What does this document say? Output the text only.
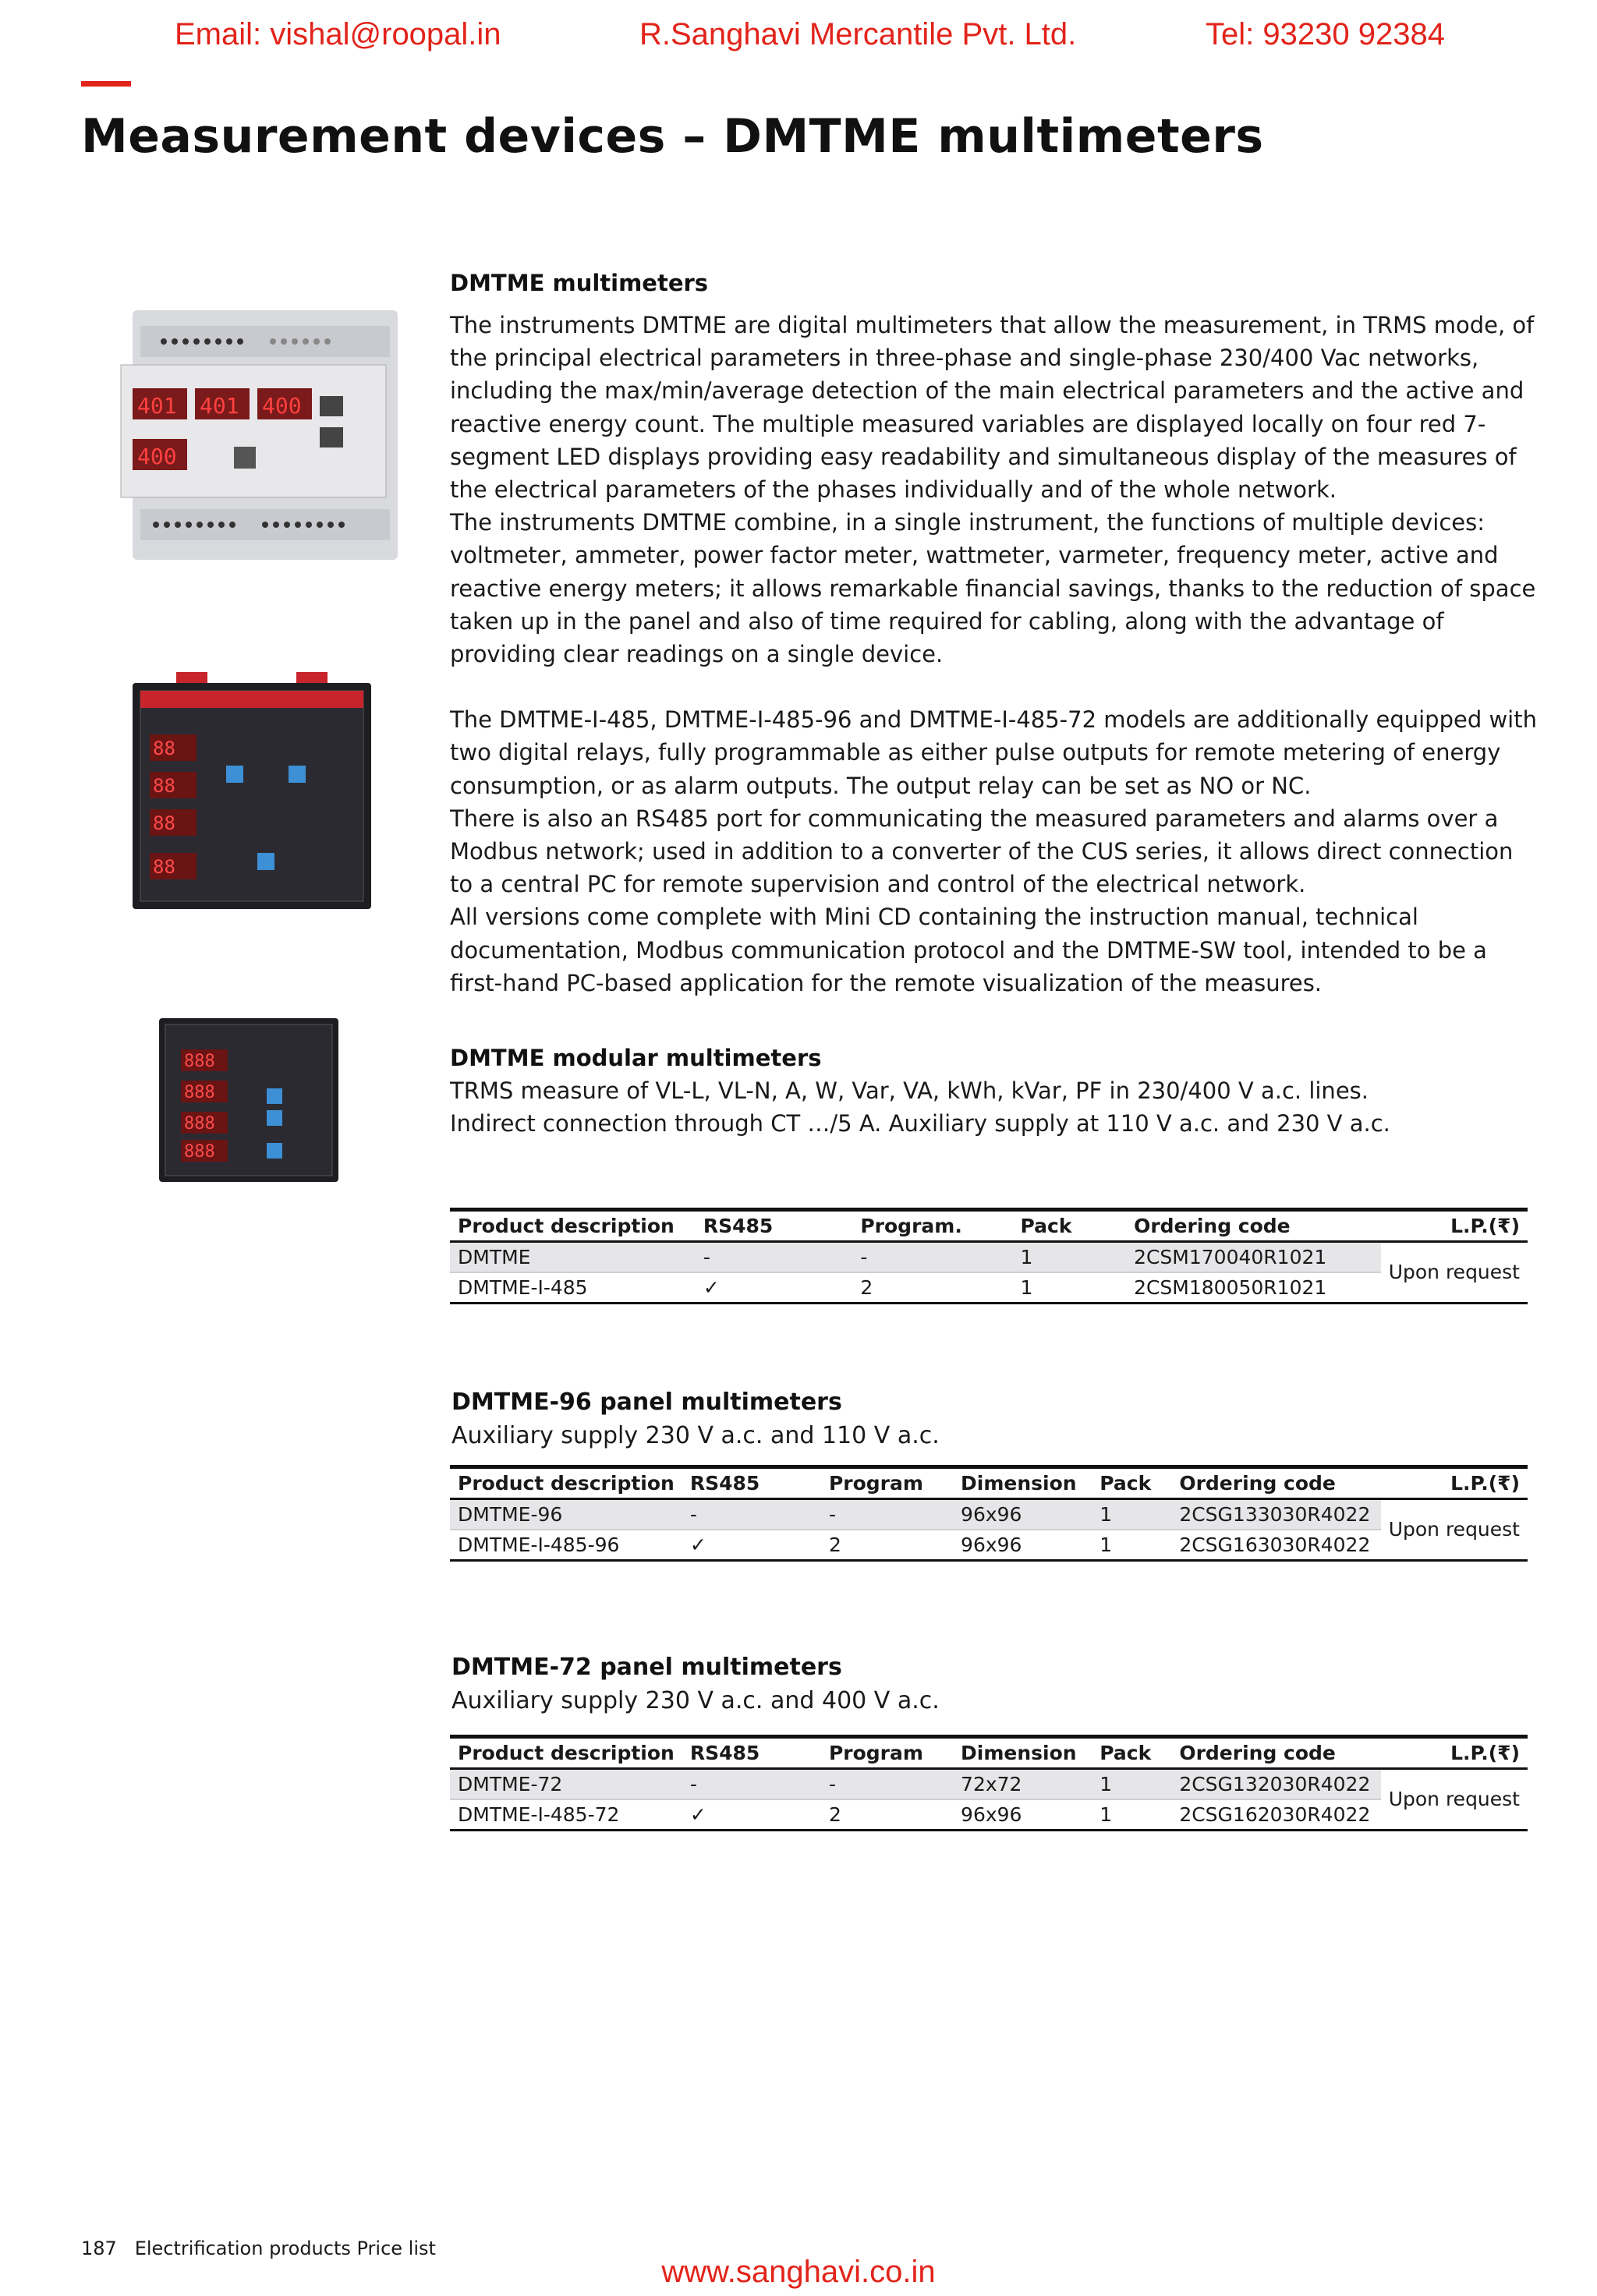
Email: vishal@roopal.in	R.Sanghavi Mercantile Pvt. Ltd.	Tel: 93230 92384
Measurement devices – DMTME multimeters
401 401 400
400
88
88
88
88
888
888
888
888
DMTME multimeters

The instruments DMTME are digital multimeters that allow the measurement, in TRMS mode, of the principal electrical parameters in three-phase and single-phase 230/400 Vac networks, including the max/min/average detection of the main electrical parameters and the active and reactive energy count. The multiple measured variables are displayed locally on four red 7-segment LED displays providing easy readability and simultaneous display of the measures of the electrical parameters of the phases individually and of the whole network.

The instruments DMTME combine, in a single instrument, the functions of multiple devices: voltmeter, ammeter, power factor meter, wattmeter, varmeter, frequency meter, active and reactive energy meters; it allows remarkable financial savings, thanks to the reduction of space taken up in the panel and also of time required for cabling, along with the advantage of providing clear readings on a single device.

The DMTME-I-485, DMTME-I-485-96 and DMTME-I-485-72 models are additionally equipped with two digital relays, fully programmable as either pulse outputs for remote metering of energy consumption, or as alarm outputs. The output relay can be set as NO or NC.

There is also an RS485 port for communicating the measured parameters and alarms over a Modbus network; used in addition to a converter of the CUS series, it allows direct connection to a central PC for remote supervision and control of the electrical network.

All versions come complete with Mini CD containing the instruction manual, technical documentation, Modbus communication protocol and the DMTME-SW tool, intended to be a first-hand PC-based application for the remote visualization of the measures.

DMTME modular multimeters
TRMS measure of VL-L, VL-N, A, W, Var, VA, kWh, kVar, PF in 230/400 V a.c. lines.
Indirect connection through CT …/5 A. Auxiliary supply at 110 V a.c. and 230 V a.c.
Product description	RS485	Program.	Pack	Ordering code	L.P.(₹)
DMTME	-	-	1	2CSM170040R1021	Upon request
DMTME-I-485	✓	2	1	2CSM180050R1021	
DMTME-96 panel multimeters
Auxiliary supply 230 V a.c. and 110 V a.c.
Product description	RS485	Program	Dimension	Pack	Ordering code	L.P.(₹)
DMTME-96	-	-	96x96	1	2CSG133030R4022	Upon request
DMTME-I-485-96	✓	2	96x96	1	2CSG163030R4022	
DMTME-72 panel multimeters
Auxiliary supply 230 V a.c. and 400 V a.c.
Product description	RS485	Program	Dimension	Pack	Ordering code	L.P.(₹)
DMTME-72	-	-	72x72	1	2CSG132030R4022	Upon request
DMTME-I-485-72	✓	2	96x96	1	2CSG162030R4022	
187 Electrification products Price list
www.sanghavi.co.in
